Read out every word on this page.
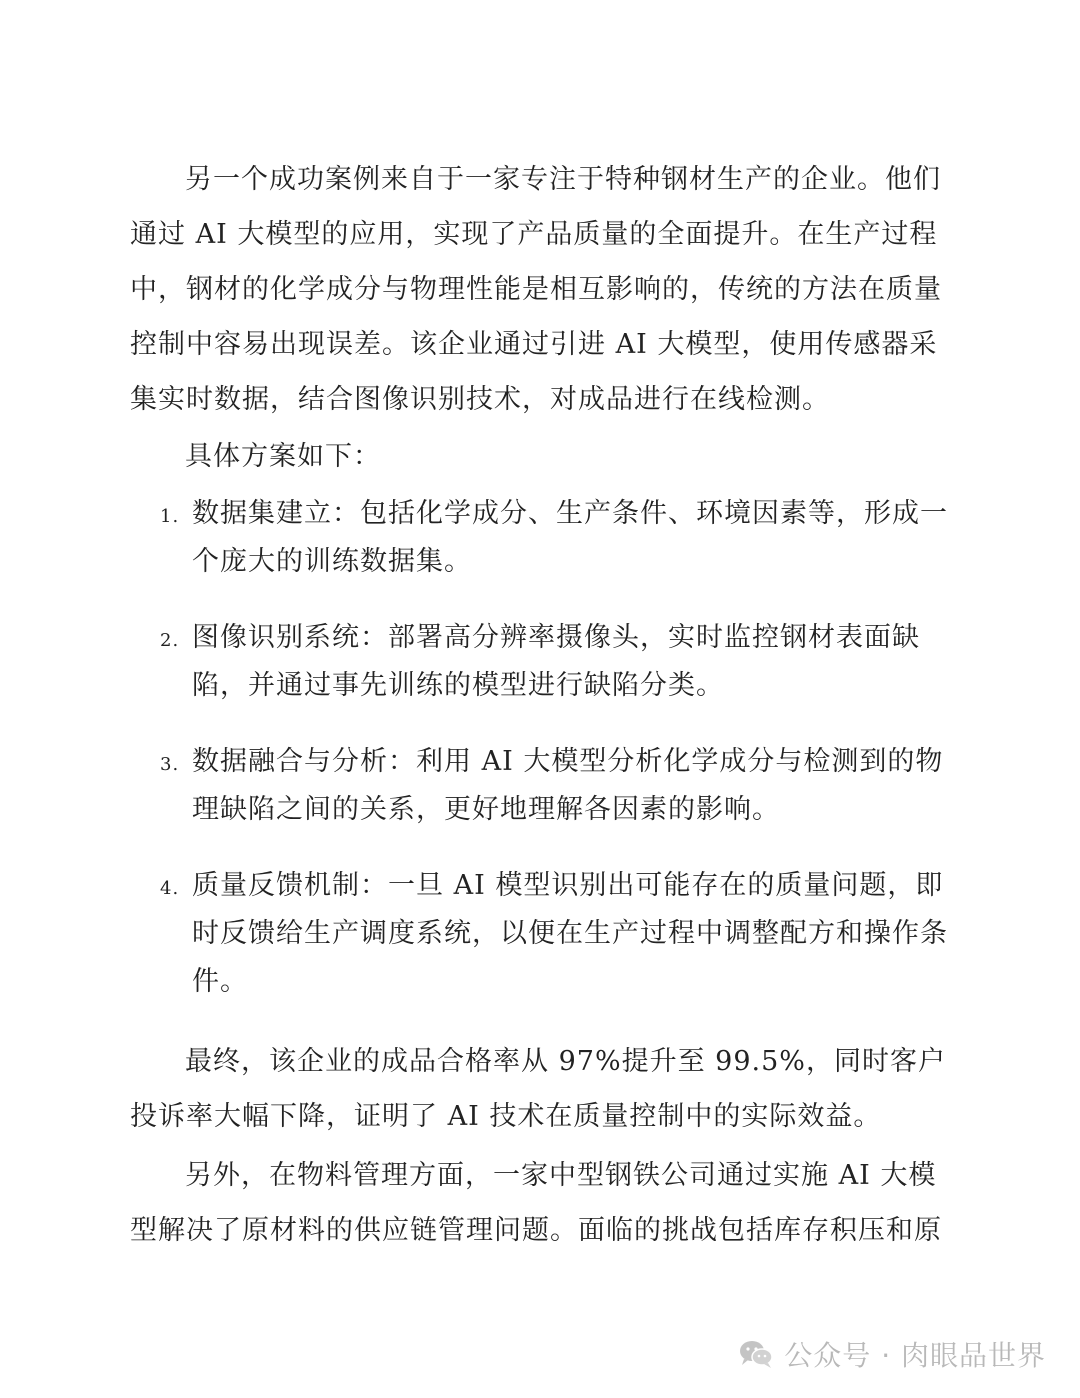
另一个成功案例来自于一家专注于特种钢材生产的企业。他们通过 AI 大模型的应用，实现了产品质量的全面提升。在生产过程中，钢材的化学成分与物理性能是相互影响的，传统的方法在质量控制中容易出现误差。该企业通过引进 AI 大模型，使用传感器采集实时数据，结合图像识别技术，对成品进行在线检测。

具体方案如下：

1. 数据集建立：包括化学成分、生产条件、环境因素等，形成一个庞大的训练数据集。
2. 图像识别系统：部署高分辨率摄像头，实时监控钢材表面缺陷，并通过事先训练的模型进行缺陷分类。
3. 数据融合与分析：利用 AI 大模型分析化学成分与检测到的物理缺陷之间的关系，更好地理解各因素的影响。
4. 质量反馈机制：一旦 AI 模型识别出可能存在的质量问题，即时反馈给生产调度系统，以便在生产过程中调整配方和操作条件。

最终，该企业的成品合格率从 97%提升至 99.5%，同时客户投诉率大幅下降，证明了 AI 技术在质量控制中的实际效益。

另外，在物料管理方面，一家中型钢铁公司通过实施 AI 大模型解决了原材料的供应链管理问题。面临的挑战包括库存积压和原

公众号 · 肉眼品世界
